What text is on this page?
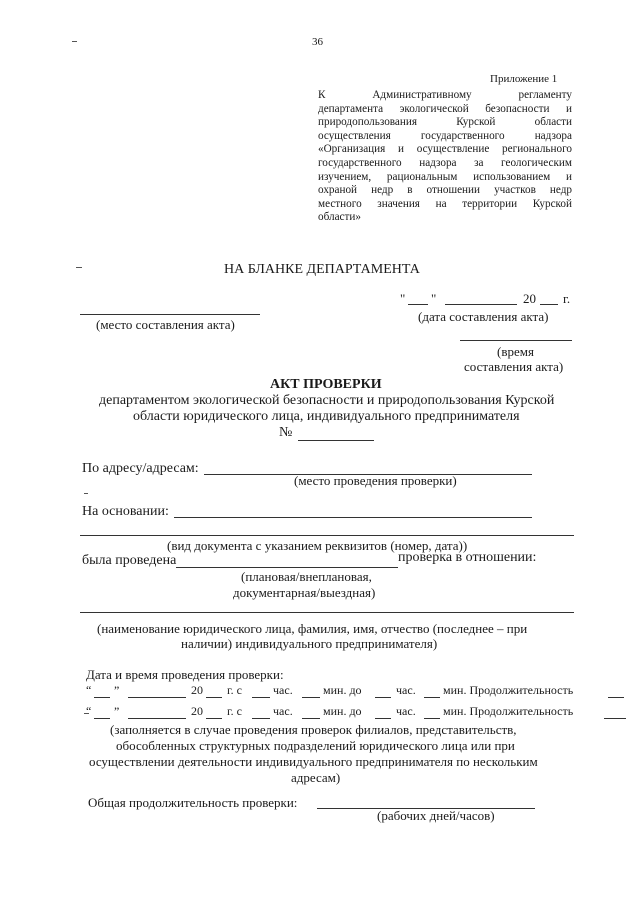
36
Приложение 1
К Административному регламенту
департамента экологической безопасности и
природопользования Курской области
осуществления государственного надзора
«Организация и осуществление регионального
государственного надзора за геологическим
изучением, рациональным использованием и
охраной недр в отношении участков недр
местного значения на территории Курской
области»
НА БЛАНКЕ ДЕПАРТАМЕНТА
(место составления акта)
" "	20 г.
(дата составления акта)
(время
составления акта)
АКТ ПРОВЕРКИ
департаментом экологической безопасности и природопользования Курской
области юридического лица, индивидуального предпринимателя
№
По адресу/адресам:
(место проведения проверки)
На основании:
(вид документа с указанием реквизитов (номер, дата))
была проведена	проверка в отношении:
(плановая/внеплановая,
документарная/выездная)
(наименование юридического лица, фамилия, имя, отчество (последнее – при
наличии) индивидуального предпринимателя)
Дата и время проведения проверки:
“ ”	20 г. с	час.	мин. до	час. мин. Продолжительность
“ ”	20 г. с	час.	мин. до	час. мин. Продолжительность
(заполняется в случае проведения проверок филиалов, представительств,
обособленных структурных подразделений юридического лица или при
осуществлении деятельности индивидуального предпринимателя по нескольким
адресам)
Общая продолжительность проверки:
(рабочих дней/часов)
